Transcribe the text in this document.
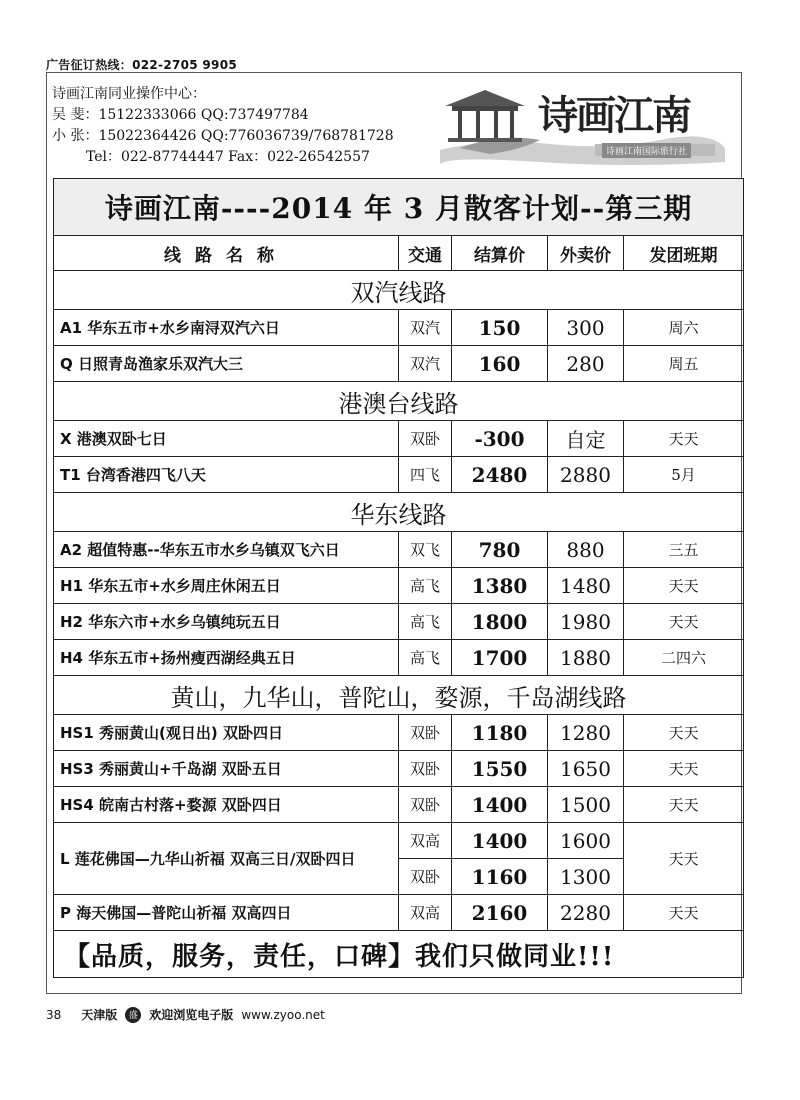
广告征订热线：022-2705 9905
诗画江南同业操作中心：
吴 斐：15122333066 QQ:737497784
小 张：15022364426 QQ:776036739/768781728
Tel：022-87744447 Fax：022-26542557
诗画江南
诗画江南国际旅行社
诗画江南----2014 年 3 月散客计划--第三期				
线路名称	交通	结算价	外卖价	发团班期
双汽线路				
A1 华东五市+水乡南浔双汽六日	双汽	150	300	周六
Q 日照青岛渔家乐双汽大三	双汽	160	280	周五
港澳台线路				
X 港澳双卧七日	双卧	-300	自定	天天
T1 台湾香港四飞八天	四飞	2480	2880	5月
华东线路				
A2 超值特惠--华东五市水乡乌镇双飞六日	双飞	780	880	三五
H1 华东五市+水乡周庄休闲五日	高飞	1380	1480	天天
H2 华东六市+水乡乌镇纯玩五日	高飞	1800	1980	天天
H4 华东五市+扬州瘦西湖经典五日	高飞	1700	1880	二四六
黄山，九华山，普陀山，婺源，千岛湖线路				
HS1 秀丽黄山(观日出) 双卧四日	双卧	1180	1280	天天
HS3 秀丽黄山+千岛湖 双卧五日	双卧	1550	1650	天天
HS4 皖南古村落+婺源 双卧四日	双卧	1400	1500	天天
L 莲花佛国—九华山祈福 双高三日/双卧四日	双高	1400	1600	天天
	双卧	1160	1300	
P 海天佛国—普陀山祈福 双高四日	双高	2160	2280	天天
【品质，服务，责任，口碑】我们只做同业!!!				
38 天津版	盛 欢迎浏览电子版 www.zyoo.net
